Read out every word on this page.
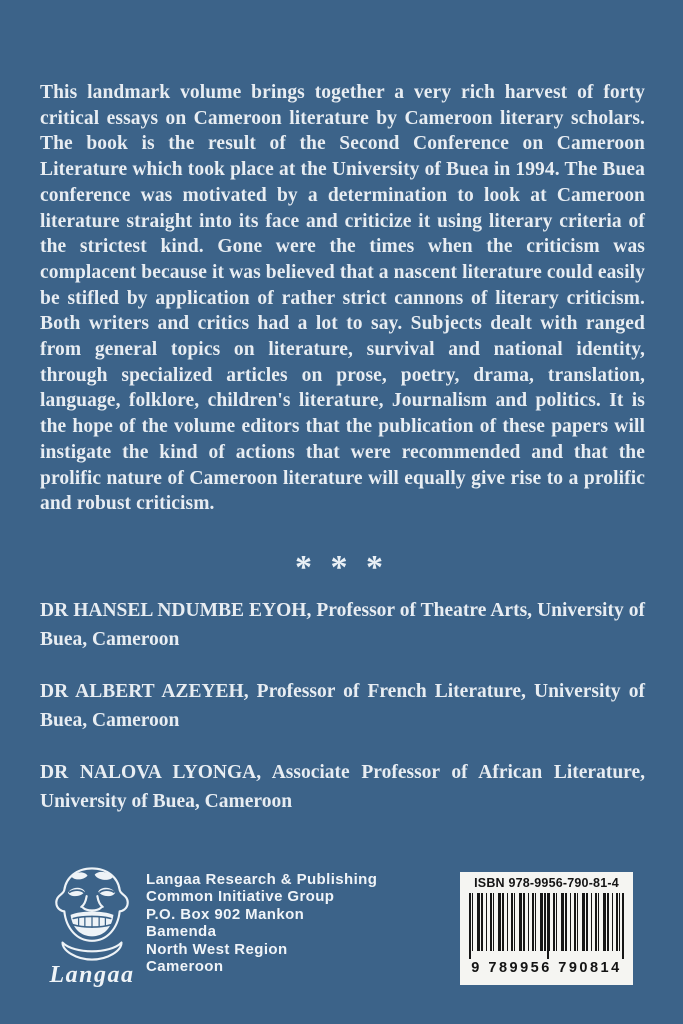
This landmark volume brings together a very rich harvest of forty critical essays on Cameroon literature by Cameroon literary scholars. The book is the result of the Second Conference on Cameroon Literature which took place at the University of Buea in 1994. The Buea conference was motivated by a determination to look at Cameroon literature straight into its face and criticize it using literary criteria of the strictest kind. Gone were the times when the criticism was complacent because it was believed that a nascent literature could easily be stifled by application of rather strict cannons of literary criticism. Both writers and critics had a lot to say. Subjects dealt with ranged from general topics on literature, survival and national identity, through specialized articles on prose, poetry, drama, translation, language, folklore, children's literature, Journalism and politics. It is the hope of the volume editors that the publication of these papers will instigate the kind of actions that were recommended and that the prolific nature of Cameroon literature will equally give rise to a prolific and robust criticism.

* * *

DR HANSEL NDUMBE EYOH, Professor of Theatre Arts, University of Buea, Cameroon

DR ALBERT AZEYEH, Professor of French Literature, University of Buea, Cameroon

DR NALOVA LYONGA, Associate Professor of African Literature, University of Buea, Cameroon

Langaa
Langaa Research & Publishing
Common Initiative Group
P.O. Box 902 Mankon
Bamenda
North West Region
Cameroon
ISBN 978-9956-790-81-4
9 789956 790814
